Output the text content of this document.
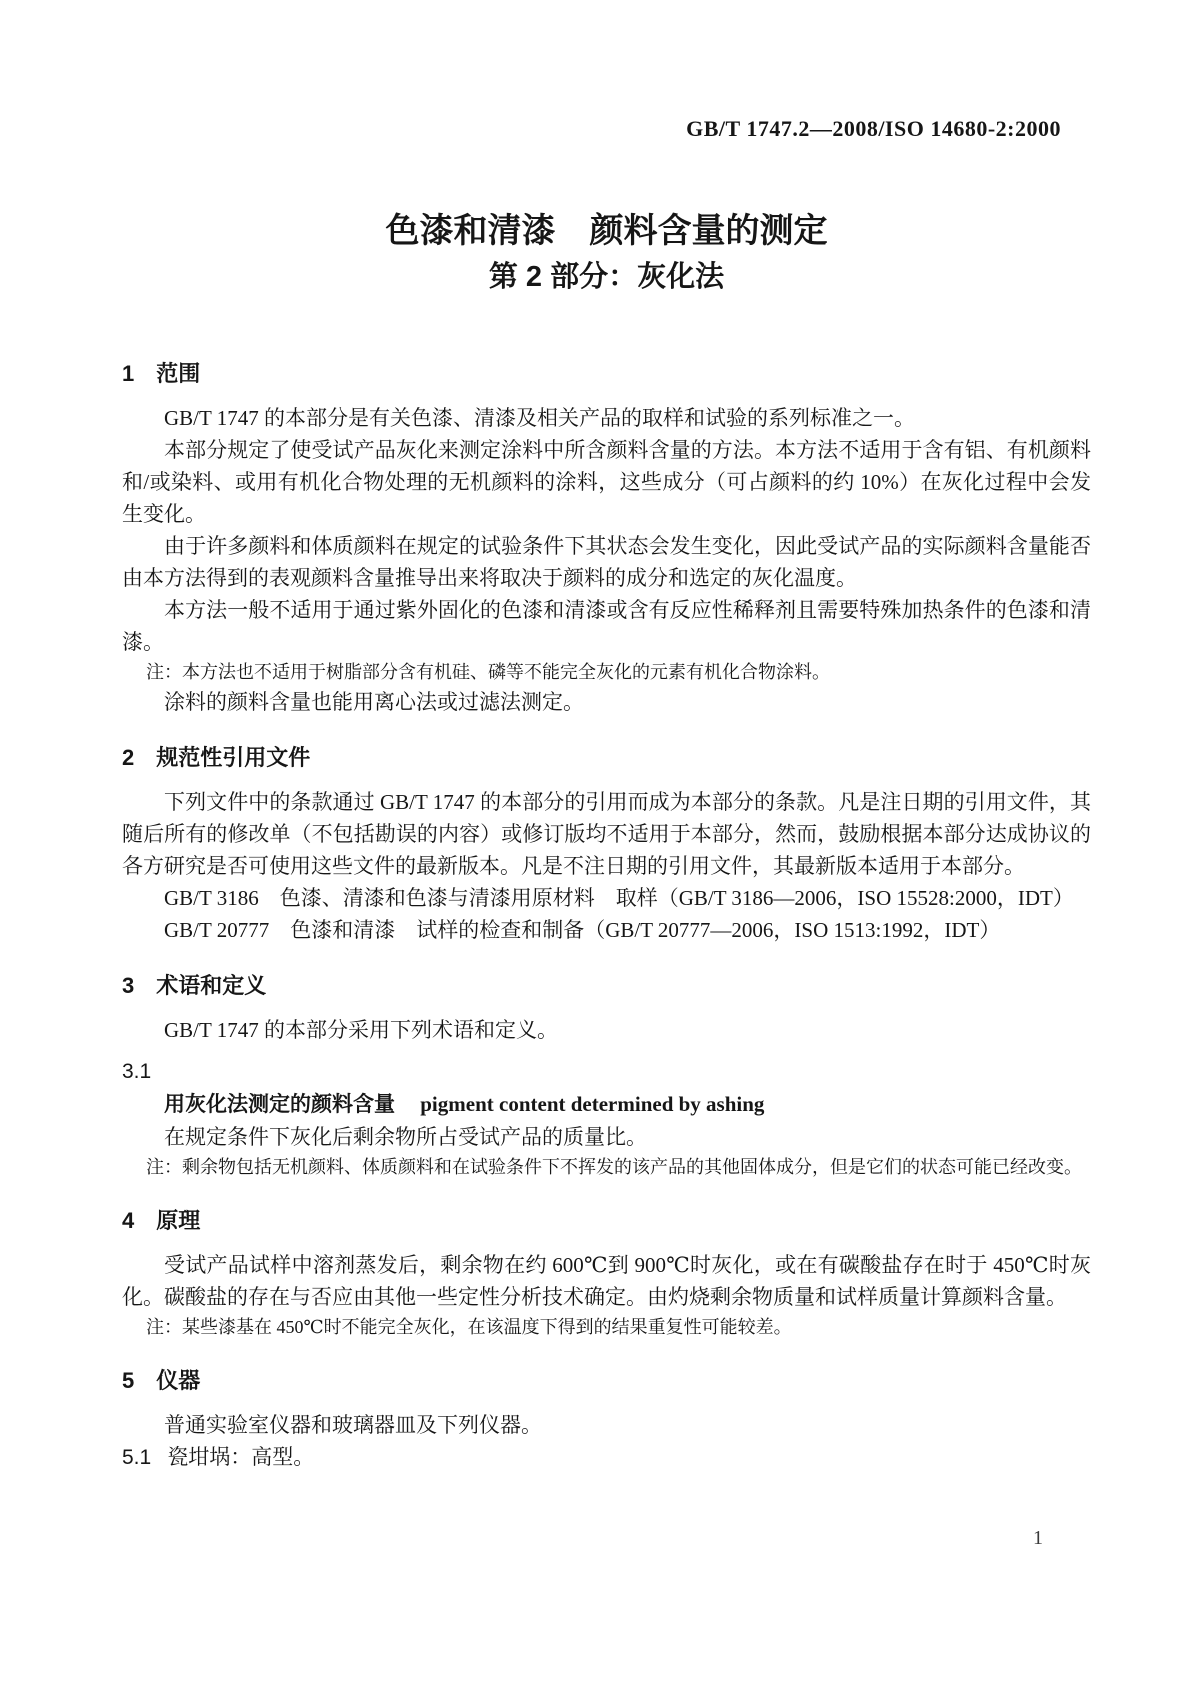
GB/T 1747.2—2008/ISO 14680-2:2000
色漆和清漆　颜料含量的测定
第 2 部分：灰化法
1　范围

GB/T 1747 的本部分是有关色漆、清漆及相关产品的取样和试验的系列标准之一。

本部分规定了使受试产品灰化来测定涂料中所含颜料含量的方法。本方法不适用于含有铝、有机颜料和/或染料、或用有机化合物处理的无机颜料的涂料，这些成分（可占颜料的约 10%）在灰化过程中会发生变化。

由于许多颜料和体质颜料在规定的试验条件下其状态会发生变化，因此受试产品的实际颜料含量能否由本方法得到的表观颜料含量推导出来将取决于颜料的成分和选定的灰化温度。

本方法一般不适用于通过紫外固化的色漆和清漆或含有反应性稀释剂且需要特殊加热条件的色漆和清漆。

注：本方法也不适用于树脂部分含有机硅、磷等不能完全灰化的元素有机化合物涂料。

涂料的颜料含量也能用离心法或过滤法测定。

2　规范性引用文件

下列文件中的条款通过 GB/T 1747 的本部分的引用而成为本部分的条款。凡是注日期的引用文件，其随后所有的修改单（不包括勘误的内容）或修订版均不适用于本部分，然而，鼓励根据本部分达成协议的各方研究是否可使用这些文件的最新版本。凡是不注日期的引用文件，其最新版本适用于本部分。

GB/T 3186　色漆、清漆和色漆与清漆用原材料　取样（GB/T 3186—2006，ISO 15528:2000，IDT）

GB/T 20777　色漆和清漆　试样的检查和制备（GB/T 20777—2006，ISO 1513:1992，IDT）

3　术语和定义

GB/T 1747 的本部分采用下列术语和定义。

3.1

用灰化法测定的颜料含量 pigment content determined by ashing

在规定条件下灰化后剩余物所占受试产品的质量比。

注：剩余物包括无机颜料、体质颜料和在试验条件下不挥发的该产品的其他固体成分，但是它们的状态可能已经改变。

4　原理

受试产品试样中溶剂蒸发后，剩余物在约 600℃到 900℃时灰化，或在有碳酸盐存在时于 450℃时灰化。碳酸盐的存在与否应由其他一些定性分析技术确定。由灼烧剩余物质量和试样质量计算颜料含量。

注：某些漆基在 450℃时不能完全灰化，在该温度下得到的结果重复性可能较差。

5　仪器

普通实验室仪器和玻璃器皿及下列仪器。

5.1 瓷坩埚：高型。

1
